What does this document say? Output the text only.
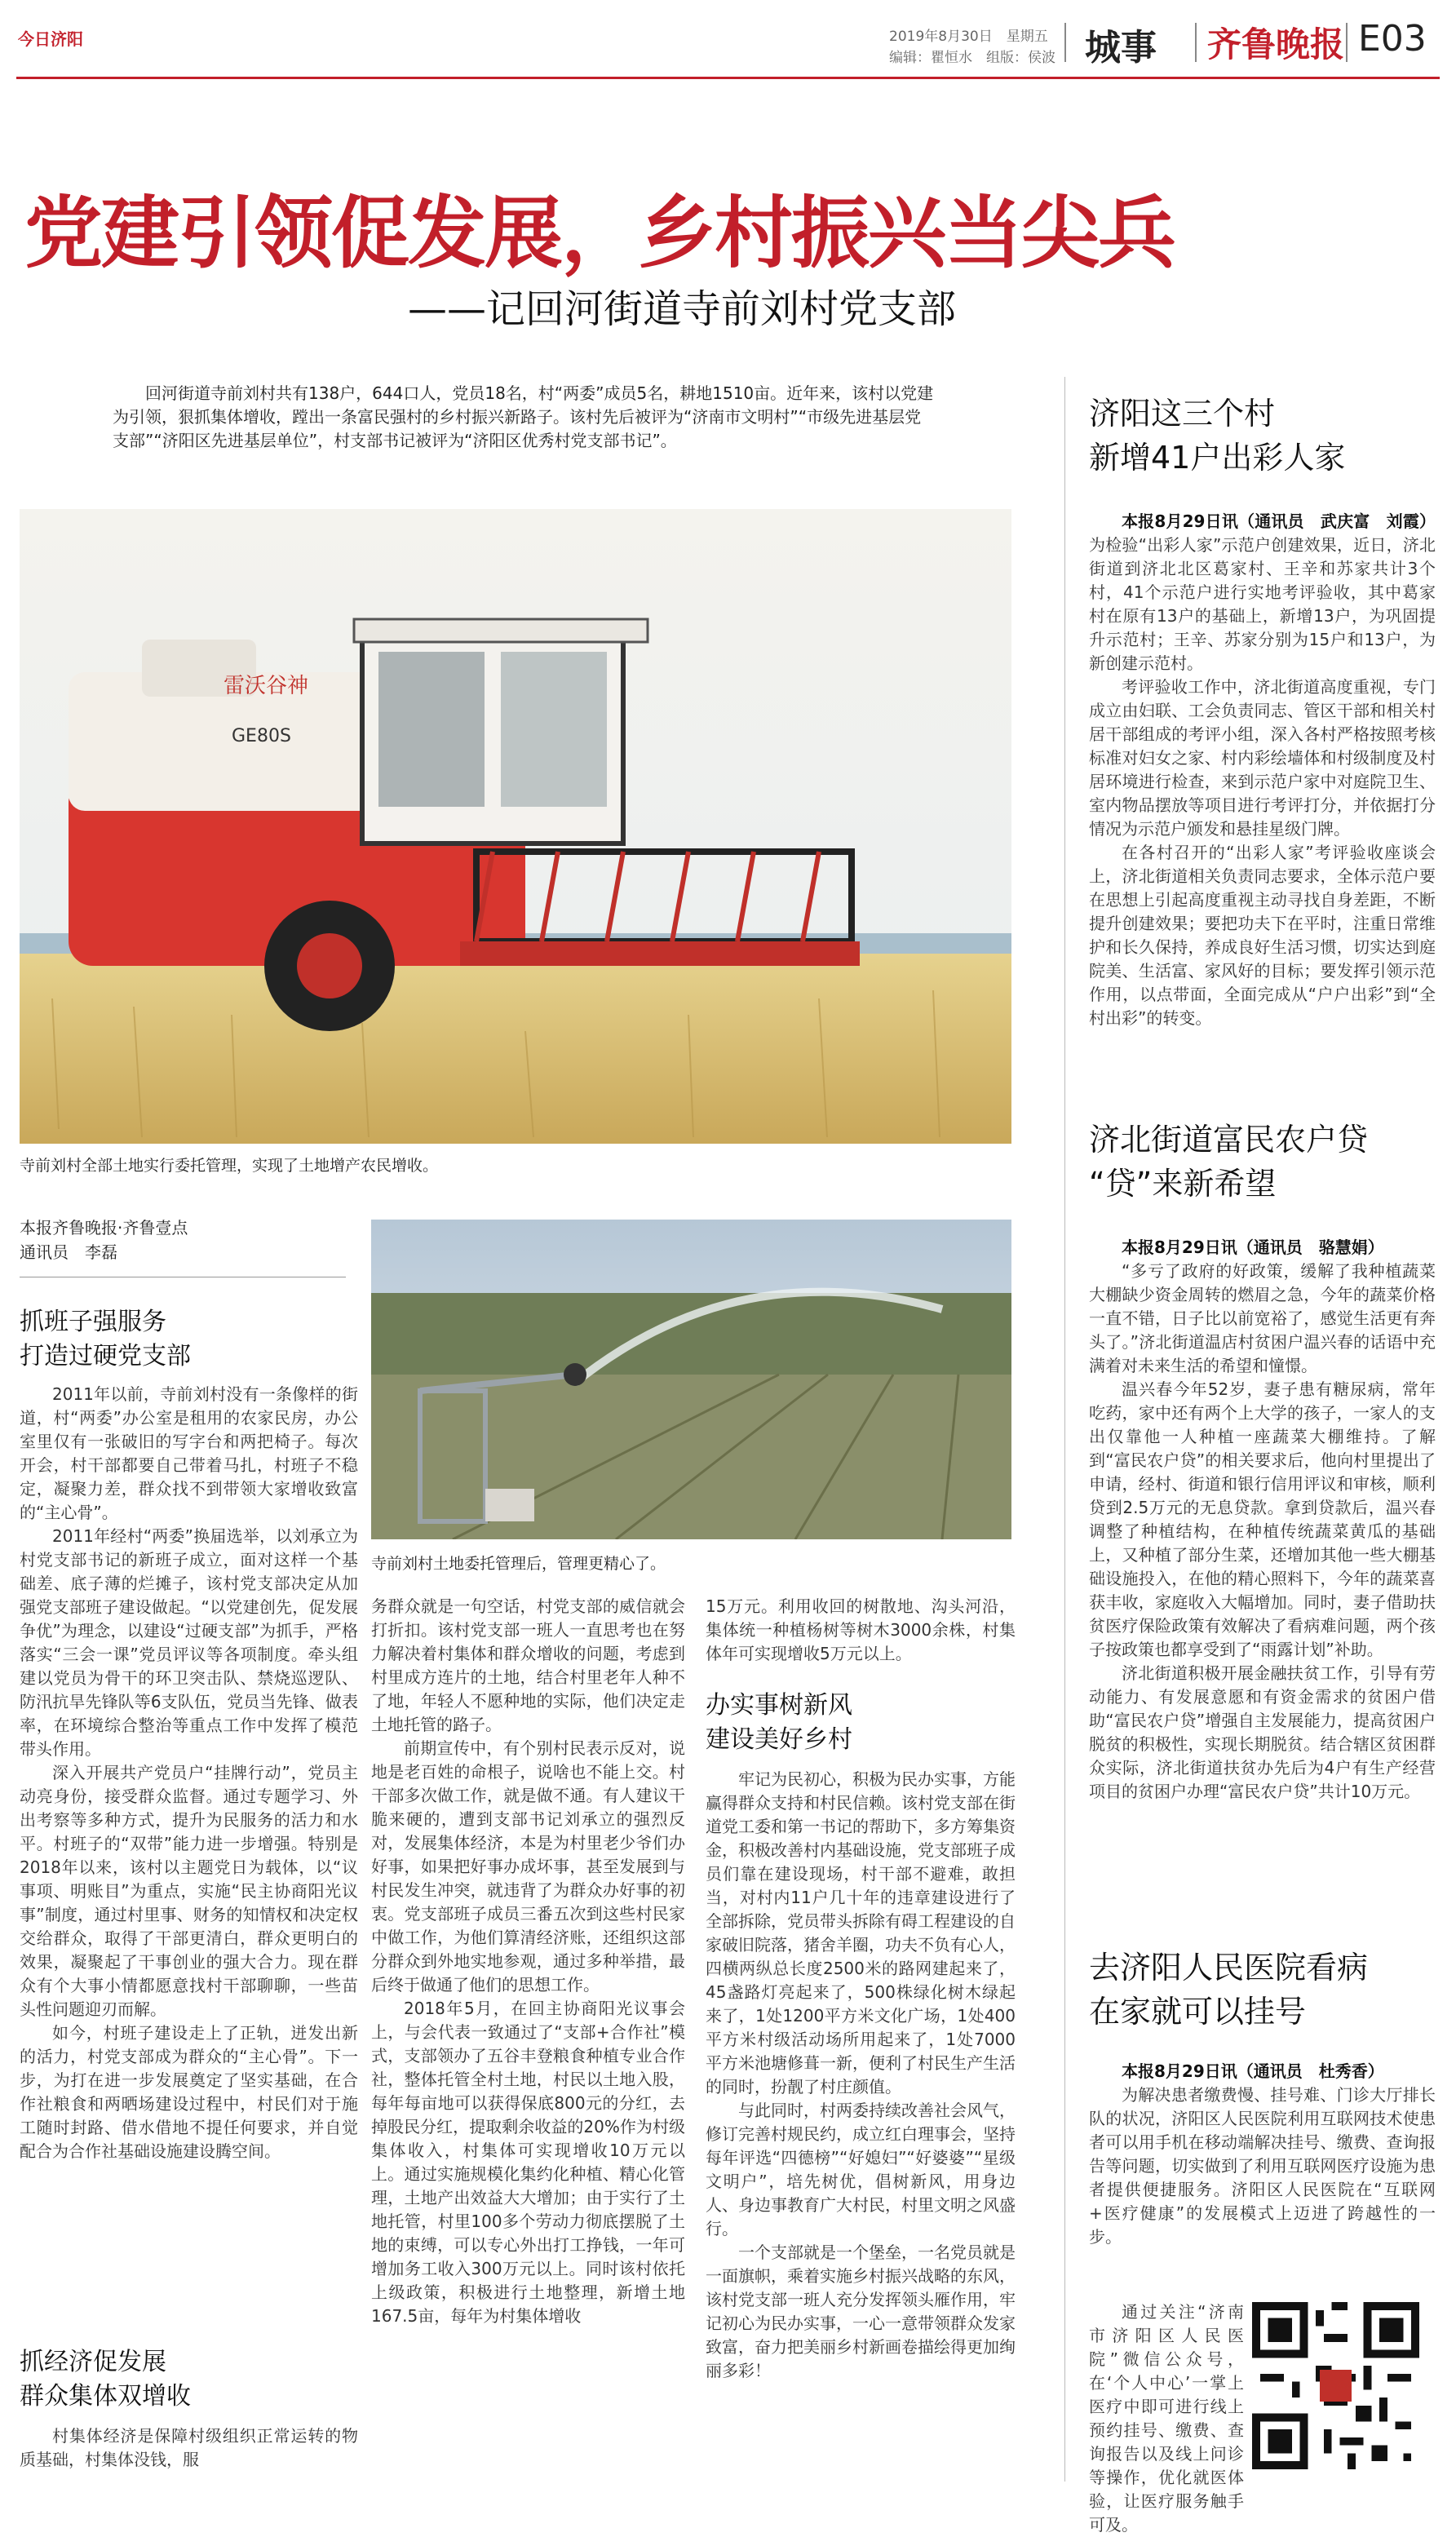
今日济阳	2019年8月30日　星期五
编辑：瞿恒水　组版：侯波 城事 齐鲁晚报 E03
党建引领促发展，乡村振兴当尖兵
——记回河街道寺前刘村党支部
回河街道寺前刘村共有138户，644口人，党员18名，村“两委”成员5名，耕地1510亩。近年来，该村以党建为引领，狠抓集体增收，蹚出一条富民强村的乡村振兴新路子。该村先后被评为“济南市文明村”“市级先进基层党支部”“济阳区先进基层单位”，村支部书记被评为“济阳区优秀村党支部书记”。
雷沃谷神
GE80S
寺前刘村全部土地实行委托管理，实现了土地增产农民增收。
本报齐鲁晚报·齐鲁壹点
通讯员　李磊
寺前刘村土地委托管理后，管理更精心了。
抓班子强服务
打造过硬党支部

2011年以前，寺前刘村没有一条像样的街道，村“两委”办公室是租用的农家民房，办公室里仅有一张破旧的写字台和两把椅子。每次开会，村干部都要自己带着马扎，村班子不稳定，凝聚力差，群众找不到带领大家增收致富的“主心骨”。

2011年经村“两委”换届选举，以刘承立为村党支部书记的新班子成立，面对这样一个基础差、底子薄的烂摊子，该村党支部决定从加强党支部班子建设做起。“以党建创先，促发展争优”为理念，以建设“过硬支部”为抓手，严格落实“三会一课”党员评议等各项制度。牵头组建以党员为骨干的环卫突击队、禁烧巡逻队、防汛抗旱先锋队等6支队伍，党员当先锋、做表率，在环境综合整治等重点工作中发挥了模范带头作用。

深入开展共产党员户“挂牌行动”，党员主动亮身份，接受群众监督。通过专题学习、外出考察等多种方式，提升为民服务的活力和水平。村班子的“双带”能力进一步增强。特别是2018年以来，该村以主题党日为载体，以“议事项、明账目”为重点，实施“民主协商阳光议事”制度，通过村里事、财务的知情权和决定权交给群众，取得了干部更清白，群众更明白的效果，凝聚起了干事创业的强大合力。现在群众有个大事小情都愿意找村干部聊聊，一些苗头性问题迎刃而解。

如今，村班子建设走上了正轨，迸发出新的活力，村党支部成为群众的“主心骨”。下一步，为打在进一步发展奠定了坚实基础，在合作社粮食和两晒场建设过程中，村民们对于施工随时封路、借水借地不提任何要求，并自觉配合为合作社基础设施建设腾空间。

抓经济促发展
群众集体双增收

村集体经济是保障村级组织正常运转的物质基础，村集体没钱，服

务群众就是一句空话，村党支部的威信就会打折扣。该村党支部一班人一直思考也在努力解决着村集体和群众增收的问题，考虑到村里成方连片的土地，结合村里老年人种不了地，年轻人不愿种地的实际，他们决定走土地托管的路子。

前期宣传中，有个别村民表示反对，说地是老百姓的命根子，说啥也不能上交。村干部多次做工作，就是做不通。有人建议干脆来硬的，遭到支部书记刘承立的强烈反对，发展集体经济，本是为村里老少爷们办好事，如果把好事办成坏事，甚至发展到与村民发生冲突，就违背了为群众办好事的初衷。党支部班子成员三番五次到这些村民家中做工作，为他们算清经济账，还组织这部分群众到外地实地参观，通过多种举措，最后终于做通了他们的思想工作。

2018年5月，在回主协商阳光议事会上，与会代表一致通过了“支部+合作社”模式，支部领办了五谷丰登粮食种植专业合作社，整体托管全村土地，村民以土地入股，每年每亩地可以获得保底800元的分红，去掉股民分红，提取剩余收益的20%作为村级集体收入，村集体可实现增收10万元以上。通过实施规模化集约化种植、精心化管理，土地产出效益大大增加；由于实行了土地托管，村里100多个劳动力彻底摆脱了土地的束缚，可以专心外出打工挣钱，一年可增加务工收入300万元以上。同时该村依托上级政策，积极进行土地整理，新增土地167.5亩，每年为村集体增收

15万元。利用收回的树散地、沟头河沿，集体统一种植杨树等树木3000余株，村集体年可实现增收5万元以上。

办实事树新风
建设美好乡村

牢记为民初心，积极为民办实事，方能赢得群众支持和村民信赖。该村党支部在街道党工委和第一书记的帮助下，多方筹集资金，积极改善村内基础设施，党支部班子成员们靠在建设现场，村干部不避难，敢担当，对村内11户几十年的违章建设进行了全部拆除，党员带头拆除有碍工程建设的自家破旧院落，猪舍羊圈，功夫不负有心人，四横两纵总长度2500米的路网建起来了，45盏路灯亮起来了，500株绿化树木绿起来了，1处1200平方米文化广场，1处400平方米村级活动场所用起来了，1处7000平方米池塘修葺一新，便利了村民生产生活的同时，扮靓了村庄颜值。

与此同时，村两委持续改善社会风气，修订完善村规民约，成立红白理事会，坚持每年评选“四德榜”“好媳妇”“好婆婆”“星级文明户”，培先树优，倡树新风，用身边人、身边事教育广大村民，村里文明之风盛行。

一个支部就是一个堡垒，一名党员就是一面旗帜，乘着实施乡村振兴战略的东风，该村党支部一班人充分发挥领头雁作用，牢记初心为民办实事，一心一意带领群众发家致富，奋力把美丽乡村新画卷描绘得更加绚丽多彩！

济阳这三个村
新增41户出彩人家

本报8月29日讯（通讯员　武庆富　刘霞）为检验“出彩人家”示范户创建效果，近日，济北街道到济北北区葛家村、王辛和苏家共计3个村，41个示范户进行实地考评验收，其中葛家村在原有13户的基础上，新增13户，为巩固提升示范村；王辛、苏家分别为15户和13户，为新创建示范村。

考评验收工作中，济北街道高度重视，专门成立由妇联、工会负责同志、管区干部和相关村居干部组成的考评小组，深入各村严格按照考核标准对妇女之家、村内彩绘墙体和村级制度及村居环境进行检查，来到示范户家中对庭院卫生、室内物品摆放等项目进行考评打分，并依据打分情况为示范户颁发和悬挂星级门牌。

在各村召开的“出彩人家”考评验收座谈会上，济北街道相关负责同志要求，全体示范户要在思想上引起高度重视主动寻找自身差距，不断提升创建效果；要把功夫下在平时，注重日常维护和长久保持，养成良好生活习惯，切实达到庭院美、生活富、家风好的目标；要发挥引领示范作用，以点带面，全面完成从“户户出彩”到“全村出彩”的转变。

济北街道富民农户贷
“贷”来新希望

本报8月29日讯（通讯员　骆慧娟）

“多亏了政府的好政策，缓解了我种植蔬菜大棚缺少资金周转的燃眉之急，今年的蔬菜价格一直不错，日子比以前宽裕了，感觉生活更有奔头了。”济北街道温店村贫困户温兴春的话语中充满着对未来生活的希望和憧憬。

温兴春今年52岁，妻子患有糖尿病，常年吃药，家中还有两个上大学的孩子，一家人的支出仅靠他一人种植一座蔬菜大棚维持。了解到“富民农户贷”的相关要求后，他向村里提出了申请，经村、街道和银行信用评议和审核，顺利贷到2.5万元的无息贷款。拿到贷款后，温兴春调整了种植结构，在种植传统蔬菜黄瓜的基础上，又种植了部分生菜，还增加其他一些大棚基础设施投入，在他的精心照料下，今年的蔬菜喜获丰收，家庭收入大幅增加。同时，妻子借助扶贫医疗保险政策有效解决了看病难问题，两个孩子按政策也都享受到了“雨露计划”补助。

济北街道积极开展金融扶贫工作，引导有劳动能力、有发展意愿和有资金需求的贫困户借助“富民农户贷”增强自主发展能力，提高贫困户脱贫的积极性，实现长期脱贫。结合辖区贫困群众实际，济北街道扶贫办先后为4户有生产经营项目的贫困户办理“富民农户贷”共计10万元。

去济阳人民医院看病
在家就可以挂号

本报8月29日讯（通讯员　杜秀香）

为解决患者缴费慢、挂号难、门诊大厅排长队的状况，济阳区人民医院利用互联网技术使患者可以用手机在移动端解决挂号、缴费、查询报告等问题，切实做到了利用互联网医疗设施为患者提供便捷服务。济阳区人民医院在“互联网+医疗健康”的发展模式上迈进了跨越性的一步。

通过关注“济南市济阳区人民医院”微信公众号，在‘个人中心’一掌上医疗中即可进行线上预约挂号、缴费、查询报告以及线上问诊等操作，优化就医体验，让医疗服务触手可及。
